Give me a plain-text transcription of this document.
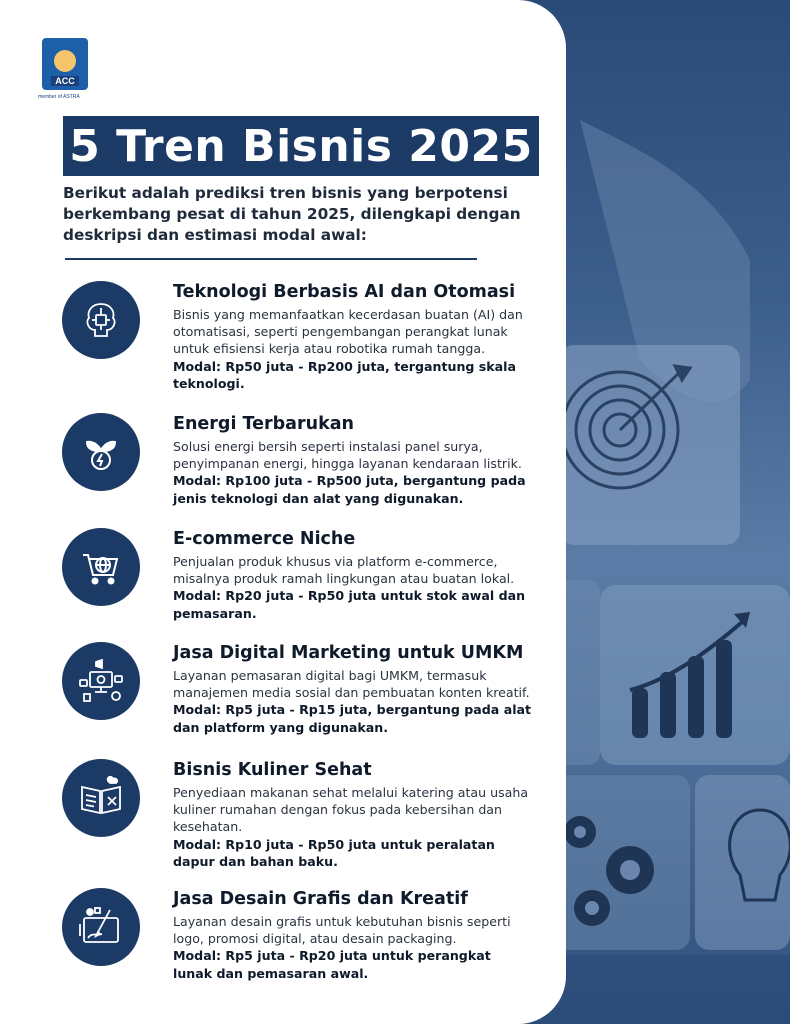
ACC
member of ASTRA
5 Tren Bisnis 2025

Berikut adalah prediksi tren bisnis yang berpotensi berkembang pesat di tahun 2025, dilengkapi dengan deskripsi dan estimasi modal awal:

Teknologi Berbasis AI dan Otomasi

Bisnis yang memanfaatkan kecerdasan buatan (AI) dan otomatisasi, seperti pengembangan perangkat lunak untuk efisiensi kerja atau robotika rumah tangga.

Modal: Rp50 juta - Rp200 juta, tergantung skala teknologi.

Energi Terbarukan

Solusi energi bersih seperti instalasi panel surya, penyimpanan energi, hingga layanan kendaraan listrik.

Modal: Rp100 juta - Rp500 juta, bergantung pada jenis teknologi dan alat yang digunakan.

E-commerce Niche

Penjualan produk khusus via platform e-commerce, misalnya produk ramah lingkungan atau buatan lokal.

Modal: Rp20 juta - Rp50 juta untuk stok awal dan pemasaran.

Jasa Digital Marketing untuk UMKM

Layanan pemasaran digital bagi UMKM, termasuk manajemen media sosial dan pembuatan konten kreatif.

Modal: Rp5 juta - Rp15 juta, bergantung pada alat dan platform yang digunakan.

Bisnis Kuliner Sehat

Penyediaan makanan sehat melalui katering atau usaha kuliner rumahan dengan fokus pada kebersihan dan kesehatan.

Modal: Rp10 juta - Rp50 juta untuk peralatan dapur dan bahan baku.

Jasa Desain Grafis dan Kreatif

Layanan desain grafis untuk kebutuhan bisnis seperti logo, promosi digital, atau desain packaging.

Modal: Rp5 juta - Rp20 juta untuk perangkat lunak dan pemasaran awal.
